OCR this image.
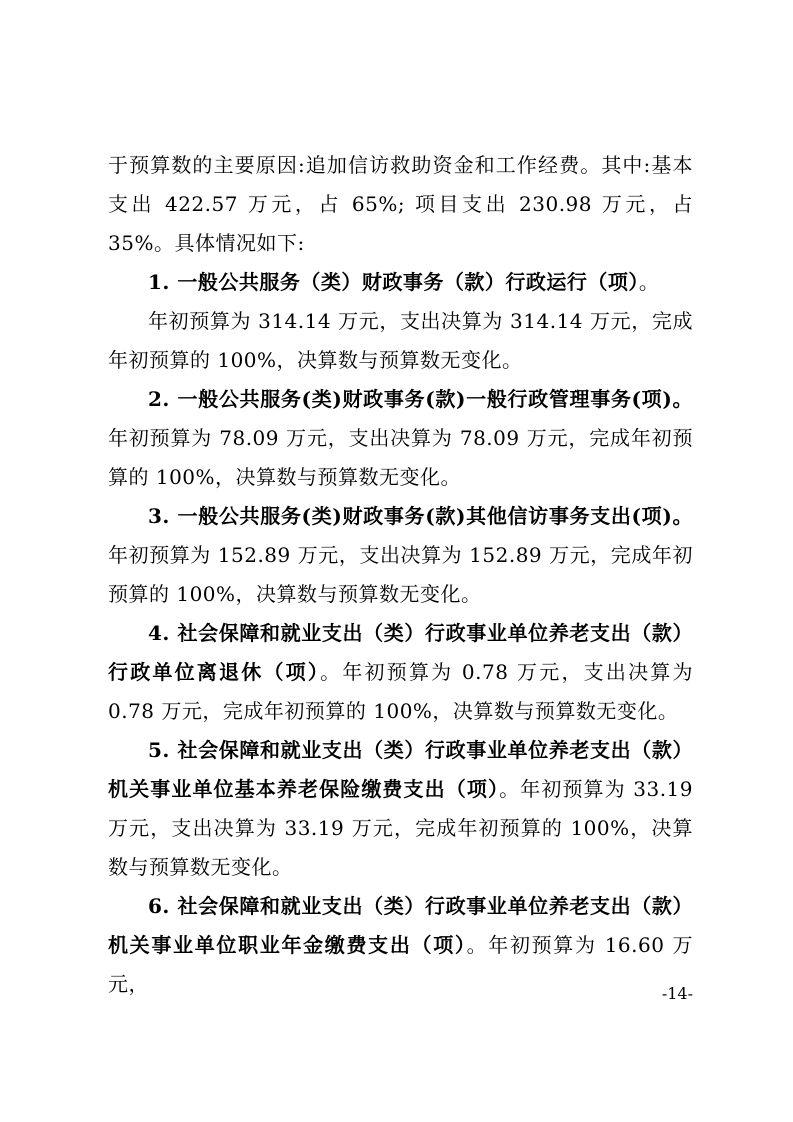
于预算数的主要原因:追加信访救助资金和工作经费。其中:基本支出 422.57 万元，占 65%; 项目支出 230.98 万元，占 35%。具体情况如下:

1. 一般公共服务（类）财政事务（款）行政运行（项）。

年初预算为 314.14 万元，支出决算为 314.14 万元，完成年初预算的 100%，决算数与预算数无变化。

2. 一般公共服务(类)财政事务(款)一般行政管理事务(项)。年初预算为 78.09 万元，支出决算为 78.09 万元，完成年初预算的 100%，决算数与预算数无变化。

3. 一般公共服务(类)财政事务(款)其他信访事务支出(项)。年初预算为 152.89 万元，支出决算为 152.89 万元，完成年初预算的 100%，决算数与预算数无变化。

4. 社会保障和就业支出（类）行政事业单位养老支出（款）行政单位离退休（项）。年初预算为 0.78 万元，支出决算为 0.78 万元，完成年初预算的 100%，决算数与预算数无变化。

5. 社会保障和就业支出（类）行政事业单位养老支出（款）机关事业单位基本养老保险缴费支出（项）。年初预算为 33.19 万元，支出决算为 33.19 万元，完成年初预算的 100%，决算数与预算数无变化。

6. 社会保障和就业支出（类）行政事业单位养老支出（款）机关事业单位职业年金缴费支出（项）。年初预算为 16.60 万元，	-14-
